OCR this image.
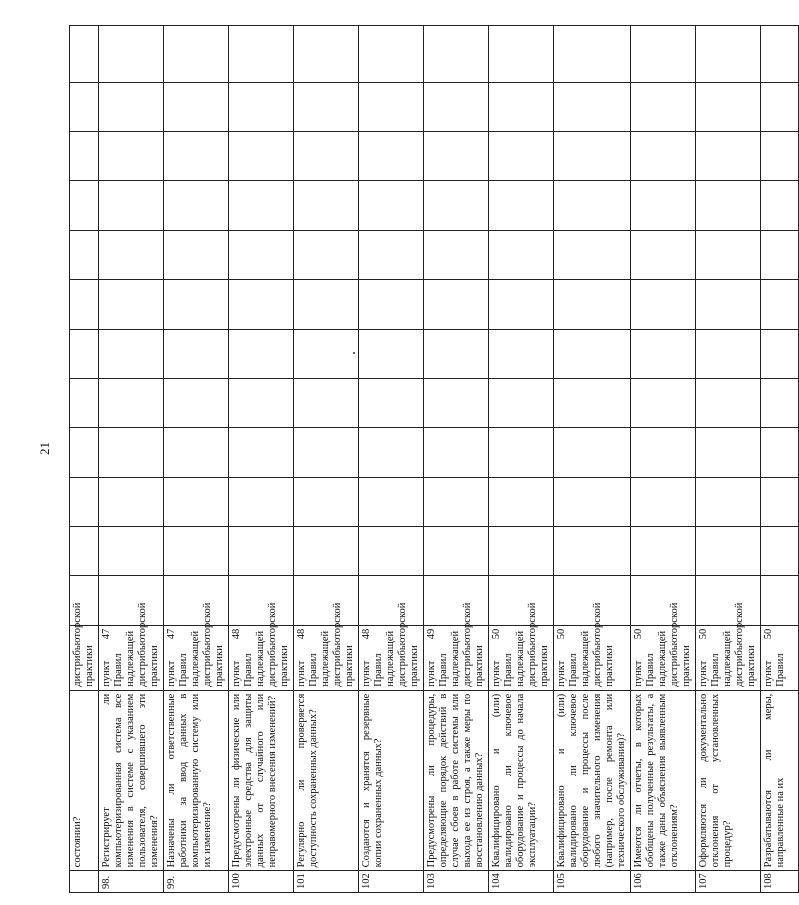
21
	состоянии?	дистрибьюторской практики												
98.	Регистрирует ли компьютеризированная система все изменения в системе с указанием пользователя, совершившего эти изменения?	пункт 47 Правил надлежащей дистрибьюторской практики												
99.	Назначены ли ответственные работники за ввод данных в компьютеризированную систему или их изменение?	пункт 47 Правил надлежащей дистрибьюторской практики												
100	Предусмотрены ли физические или электронные средства для защиты данных от случайного или неправомерного внесения изменений?	пункт 48 Правил надлежащей дистрибьюторской практики												
101	Регулярно ли проверяется доступность сохраненных данных?	пункт 48 Правил надлежащей дистрибьюторской практики												
102	Создаются и хранятся резервные копии сохраненных данных?	пункт 48 Правил надлежащей дистрибьюторской практики												
103	Предусмотрены ли процедуры, определяющие порядок действий в случае сбоев в работе системы или выхода ее из строя, а также меры по восстановлению данных?	пункт 49 Правил надлежащей дистрибьюторской практики												
104	Квалифицировано и (или) валидировано ли ключевое оборудование и процессы до начала эксплуатации?	пункт 50 Правил надлежащей дистрибьюторской практики												
105	Квалифицировано и (или) валидировано ли ключевое оборудование и процессы после любого значительного изменения (например, после ремонта или технического обслуживания)?	пункт 50 Правил надлежащей дистрибьюторской практики												
106	Имеются ли отчеты, в которых обобщены полученные результаты, а также даны объяснения выявленным отклонениям?	пункт 50 Правил надлежащей дистрибьюторской практики												
107	Оформляются ли документально отклонения от установленных процедур?	пункт 50 Правил надлежащей дистрибьюторской практики												
108	Разрабатываются ли меры, направленные на их	пункт 50 Правил												
